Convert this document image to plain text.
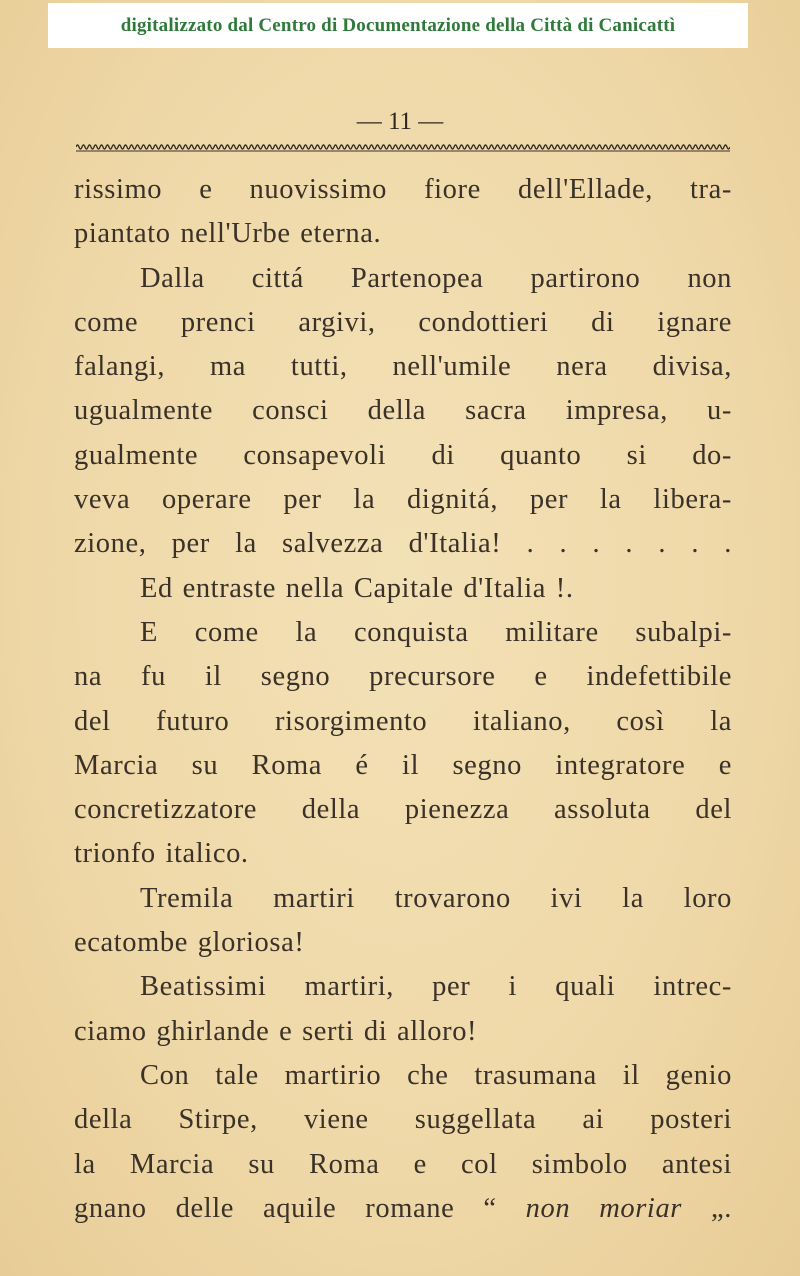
digitalizzato dal Centro di Documentazione della Città di Canicattì
— 11 —
rissimo e nuovissimo fiore dell'Ellade, tra-
piantato nell'Urbe eterna.
Dalla cittá Partenopea partirono non
come prenci argivi, condottieri di ignare
falangi, ma tutti, nell'umile nera divisa,
ugualmente consci della sacra impresa, u-
gualmente consapevoli di quanto si do-
veva operare per la dignitá, per la libera-
zione, per la salvezza d'Italia! . . . . . . .
Ed entraste nella Capitale d'Italia !.
E come la conquista militare subalpi-
na fu il segno precursore e indefettibile
del futuro risorgimento italiano, così la
Marcia su Roma é il segno integratore e
concretizzatore della pienezza assoluta del
trionfo italico.
Tremila martiri trovarono ivi la loro
ecatombe gloriosa!
Beatissimi martiri, per i quali intrec-
ciamo ghirlande e serti di alloro!
Con tale martirio che trasumana il genio
della Stirpe, viene suggellata ai posteri
la Marcia su Roma e col simbolo antesi
gnano delle aquile romane “ non moriar „.
